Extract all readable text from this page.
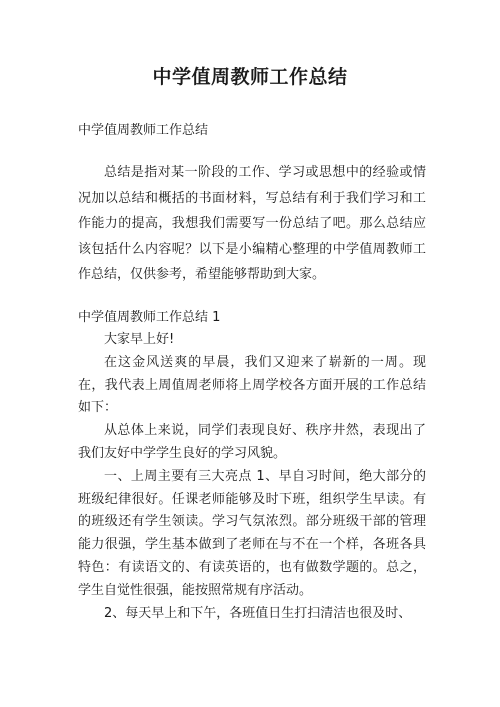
中学值周教师工作总结
中学值周教师工作总结

总结是指对某一阶段的工作、学习或思想中的经验或情况加以总结和概括的书面材料，写总结有利于我们学习和工作能力的提高，我想我们需要写一份总结了吧。那么总结应该包括什么内容呢？以下是小编精心整理的中学值周教师工作总结，仅供参考，希望能够帮助到大家。

中学值周教师工作总结 1

大家早上好!

在这金风送爽的早晨，我们又迎来了崭新的一周。现在，我代表上周值周老师将上周学校各方面开展的工作总结如下：

从总体上来说，同学们表现良好、秩序井然，表现出了我们友好中学学生良好的学习风貌。

一、上周主要有三大亮点 1、早自习时间，绝大部分的班级纪律很好。任课老师能够及时下班，组织学生早读。有的班级还有学生领读。学习气氛浓烈。部分班级干部的管理能力很强，学生基本做到了老师在与不在一个样，各班各具特色：有读语文的、有读英语的，也有做数学题的。总之，学生自觉性很强，能按照常规有序活动。

2、每天早上和下午，各班值日生打扫清洁也很及时、
